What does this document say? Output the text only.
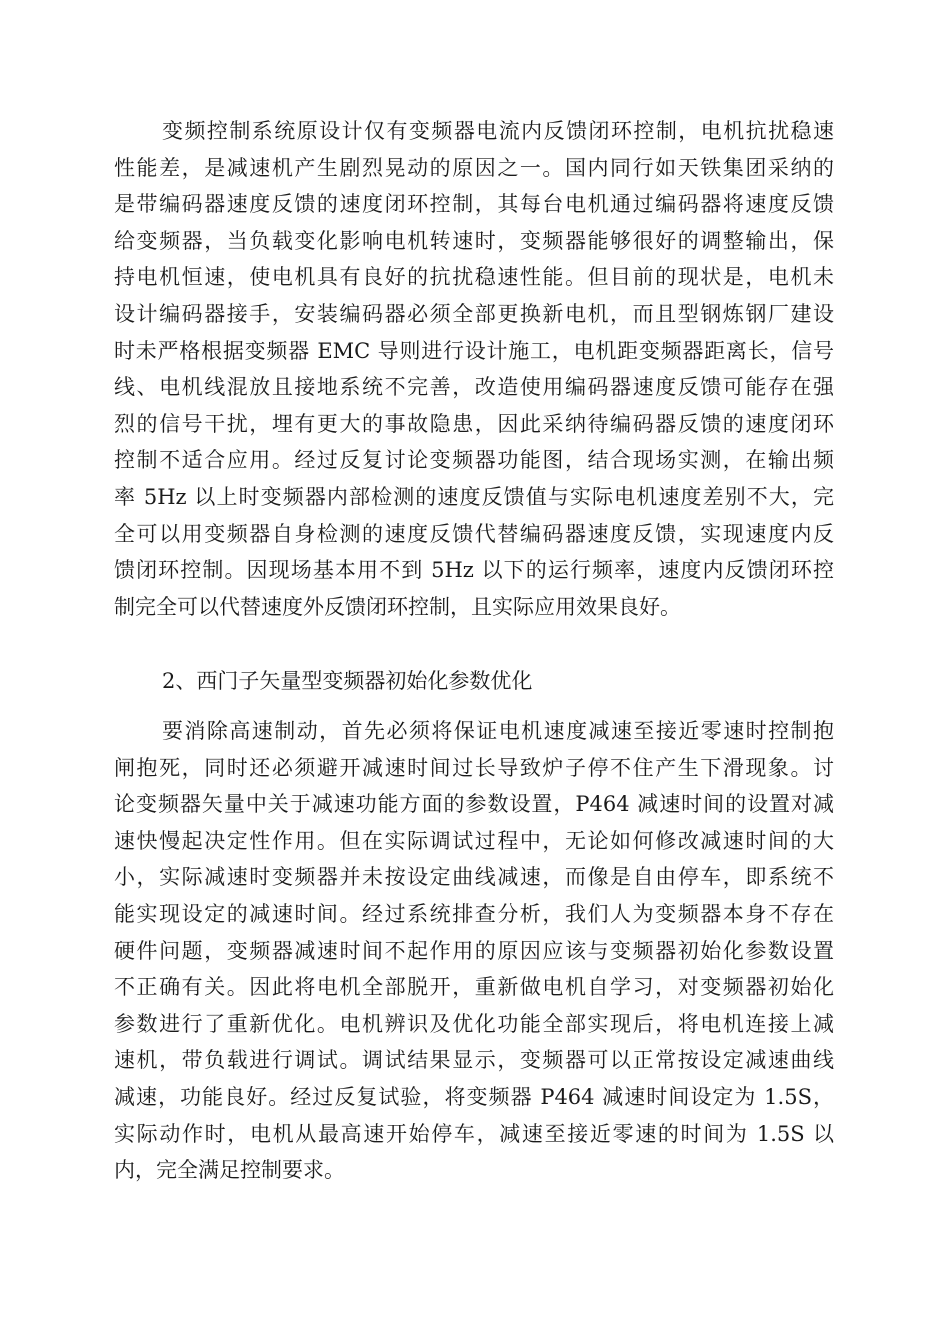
变频控制系统原设计仅有变频器电流内反馈闭环控制，电机抗扰稳速
性能差，是减速机产生剧烈晃动的原因之一。国内同行如天铁集团采纳的
是带编码器速度反馈的速度闭环控制，其每台电机通过编码器将速度反馈
给变频器，当负载变化影响电机转速时，变频器能够很好的调整输出，保
持电机恒速，使电机具有良好的抗扰稳速性能。但目前的现状是，电机未
设计编码器接手，安装编码器必须全部更换新电机，而且型钢炼钢厂建设
时未严格根据变频器 EMC 导则进行设计施工，电机距变频器距离长，信号
线、电机线混放且接地系统不完善，改造使用编码器速度反馈可能存在强
烈的信号干扰，埋有更大的事故隐患，因此采纳待编码器反馈的速度闭环
控制不适合应用。经过反复讨论变频器功能图，结合现场实测，在输出频
率 5Hz 以上时变频器内部检测的速度反馈值与实际电机速度差别不大，完
全可以用变频器自身检测的速度反馈代替编码器速度反馈，实现速度内反
馈闭环控制。因现场基本用不到 5Hz 以下的运行频率，速度内反馈闭环控
制完全可以代替速度外反馈闭环控制，且实际应用效果良好。
2、西门子矢量型变频器初始化参数优化
要消除高速制动，首先必须将保证电机速度减速至接近零速时控制抱
闸抱死，同时还必须避开减速时间过长导致炉子停不住产生下滑现象。讨
论变频器矢量中关于减速功能方面的参数设置，P464 减速时间的设置对减
速快慢起决定性作用。但在实际调试过程中，无论如何修改减速时间的大
小，实际减速时变频器并未按设定曲线减速，而像是自由停车，即系统不
能实现设定的减速时间。经过系统排查分析，我们人为变频器本身不存在
硬件问题，变频器减速时间不起作用的原因应该与变频器初始化参数设置
不正确有关。因此将电机全部脱开，重新做电机自学习，对变频器初始化
参数进行了重新优化。电机辨识及优化功能全部实现后，将电机连接上减
速机，带负载进行调试。调试结果显示，变频器可以正常按设定减速曲线
减速，功能良好。经过反复试验，将变频器 P464 减速时间设定为 1.5S，
实际动作时，电机从最高速开始停车，减速至接近零速的时间为 1.5S 以
内，完全满足控制要求。
